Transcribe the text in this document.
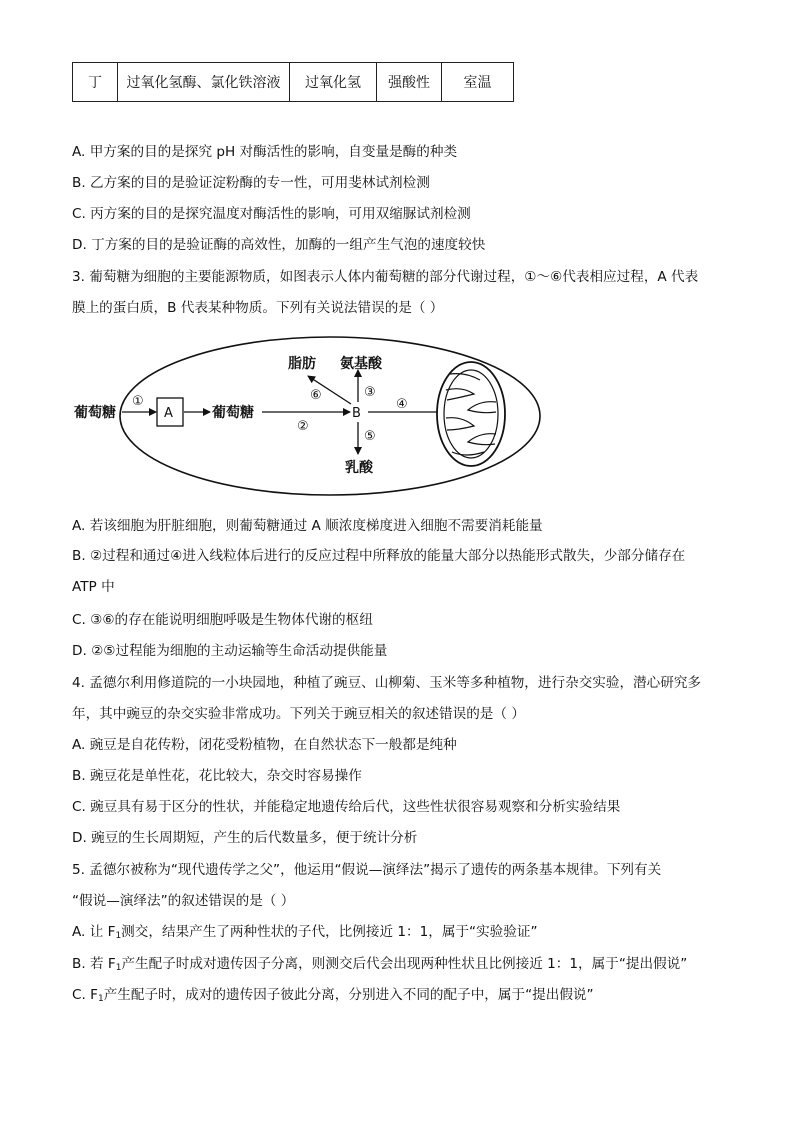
丁	过氧化氢酶、氯化铁溶液	过氧化氢	强酸性	室温
A. 甲方案的目的是探究 pH 对酶活性的影响，自变量是酶的种类
B. 乙方案的目的是验证淀粉酶的专一性，可用斐林试剂检测
C. 丙方案的目的是探究温度对酶活性的影响，可用双缩脲试剂检测
D. 丁方案的目的是验证酶的高效性，加酶的一组产生气泡的速度较快
3. 葡萄糖为细胞的主要能源物质，如图表示人体内葡萄糖的部分代谢过程，①～⑥代表相应过程，A 代表
膜上的蛋白质，B 代表某种物质。下列有关说法错误的是（ ）
葡萄糖
①
A	葡萄糖
②
B
⑥
脂肪
③
氨基酸
⑤
乳酸
④
A. 若该细胞为肝脏细胞，则葡萄糖通过 A 顺浓度梯度进入细胞不需要消耗能量
B. ②过程和通过④进入线粒体后进行的反应过程中所释放的能量大部分以热能形式散失，少部分储存在
ATP 中
C. ③⑥的存在能说明细胞呼吸是生物体代谢的枢纽
D. ②⑤过程能为细胞的主动运输等生命活动提供能量
4. 孟德尔利用修道院的一小块园地，种植了豌豆、山柳菊、玉米等多种植物，进行杂交实验，潜心研究多
年，其中豌豆的杂交实验非常成功。下列关于豌豆相关的叙述错误的是（ ）
A. 豌豆是自花传粉，闭花受粉植物，在自然状态下一般都是纯种
B. 豌豆花是单性花，花比较大，杂交时容易操作
C. 豌豆具有易于区分的性状，并能稳定地遗传给后代，这些性状很容易观察和分析实验结果
D. 豌豆的生长周期短，产生的后代数量多，便于统计分析
5. 孟德尔被称为“现代遗传学之父”，他运用“假说—演绎法”揭示了遗传的两条基本规律。下列有关
“假说—演绎法”的叙述错误的是（ ）
A. 让 $F_1$测交，结果产生了两种性状的子代，比例接近 1：1，属于“实验验证”
B. 若 $F_1$产生配子时成对遗传因子分离，则测交后代会出现两种性状且比例接近 1：1，属于“提出假说”
C. $F_1$产生配子时，成对的遗传因子彼此分离，分别进入不同的配子中，属于“提出假说”
